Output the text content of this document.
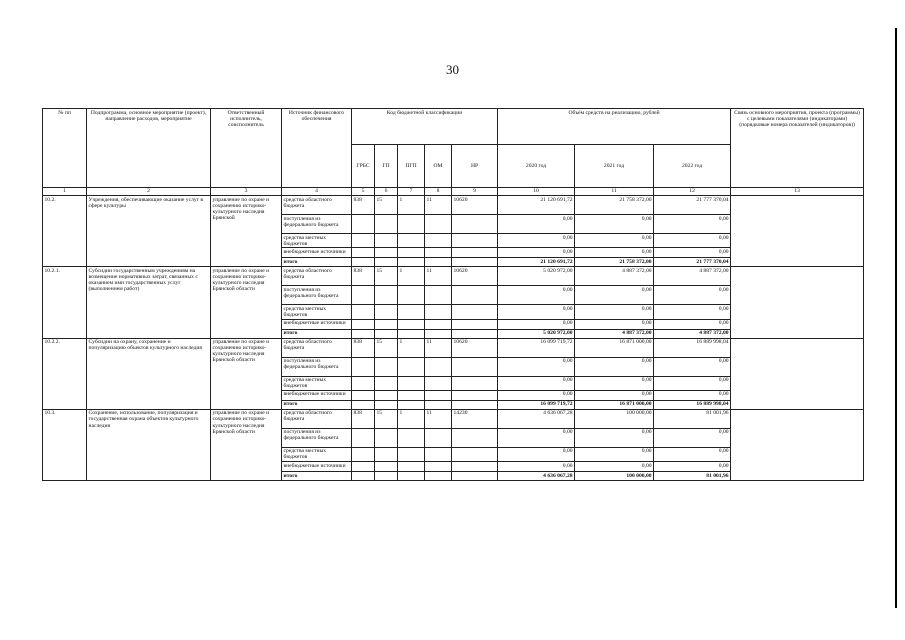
30
№ пп	Подпрограмма, основное мероприятие (проект), направление расходов, мероприятие	Ответственный исполнитель, соисполнитель	Источник финансового обеспечения	Код бюджетной классификации					Объём средств на реализацию, рублей			Связь основного мероприятия, проекта (программы) с целевыми показателями (индикаторами) (порядковые номера показателей (индикаторов))
				ГРБС	ГП	ПГП	ОМ	НР	2020 год	2021 год	2022 год	
1	2	3	4	5	6	7	8	9	10	11	12	13
10.2.	Учреждения, обеспечивающие оказание услуг в сфере культуры	управление по охране и сохранению историко-культурного наследия Брянской	средства областного бюджета	838	15	1	11	10620	21 120 691,72	21 758 372,00	21 777 370,04	
			поступления из федерального бюджета						0,00	0,00	0,00	
			средства местных бюджетов						0,00	0,00	0,00	
			внебюджетные источники						0,00	0,00	0,00	
			итого						21 120 691,72	21 758 372,00	21 777 370,04	
10.2.1.	Субсидии государственным учреждениям на возмещение нормативных затрат, связанных с оказанием ими государственных услуг (выполнением работ)	управление по охране и сохранению историко-культурного наследия Брянской области	средства областного бюджета	838	15	1	11	10620	5 020 972,00	4 887 372,00	4 887 372,00	
			поступления из федерального бюджета						0,00	0,00	0,00	
			средства местных бюджетов						0,00	0,00	0,00	
			внебюджетные источники						0,00	0,00	0,00	
			итого						5 020 972,00	4 887 372,00	4 887 372,00	
10.2.2.	Субсидии на охрану, сохранение и популяризацию объектов культурного наследия	управление по охране и сохранению историко-культурного наследия Брянской области	средства областного бюджета	838	15	1	11	10620	16 099 719,72	16 871 000,00	16 889 998,04	
			поступления из федерального бюджета						0,00	0,00	0,00	
			средства местных бюджетов						0,00	0,00	0,00	
			внебюджетные источники						0,00	0,00	0,00	
			итого						16 099 719,72	16 871 000,00	16 889 998,04	
10.3.	Сохранение, использование, популяризация и государственная охрана объектов культурного наследия	управление по охране и сохранению историко-культурного наследия Брянской области	средства областного бюджета	838	15	1	11	14230	4 636 067,28	100 000,00	81 001,96	
			поступления из федерального бюджета						0,00	0,00	0,00	
			средства местных бюджетов						0,00	0,00	0,00	
			внебюджетные источники						0,00	0,00	0,00	
			итого						4 636 067,28	100 000,00	81 001,96	
